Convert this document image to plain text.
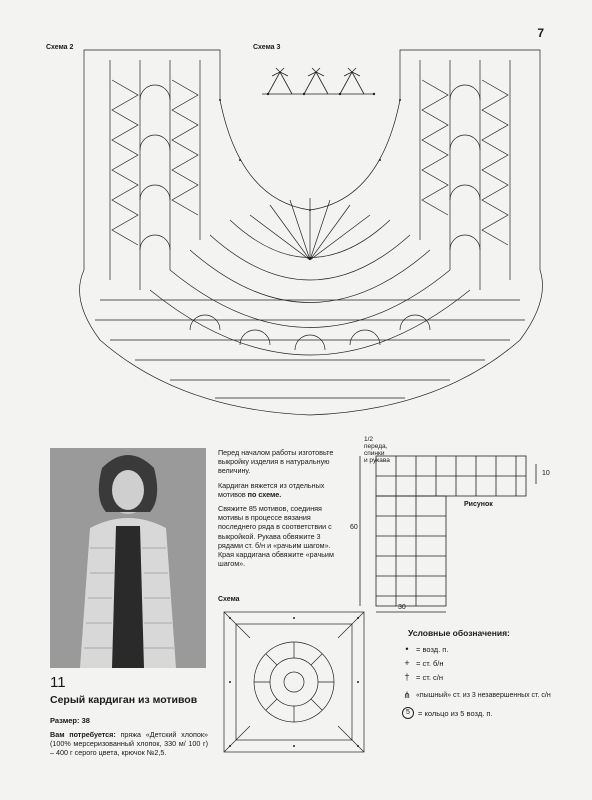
7
Схема 2	Схема 3

Перед началом работы изготовьте выкройку изделия в натуральную величину.

Кардиган вяжется из отдельных мотивов по схеме.

Свяжите 85 мотивов, соединяя мотивы в процессе вязания последнего ряда в соответствии с выкройкой. Рукава обвяжите 3 рядами ст. б/н и «рачьим шагом». Края кардигана обвяжите «рачьим шагом».

1/2
переда,
спинки
и рукава
60
30
10
Рисунок
Схема
11
Серый кардиган из мотивов
Размер: 38
Вам потребуется: пряжа «Детский хлопок» (100% мерсеризованный хлопок, 330 м/ 100 г) – 400 г серого цвета, крючок №2,5.
Условные обозначения:
• = возд. п.
+ = ст. б/н
† = ст. с/н
⋔ «пышный» ст. из 3 незавершенных ст. с/н
5	= кольцо из 5 возд. п.
